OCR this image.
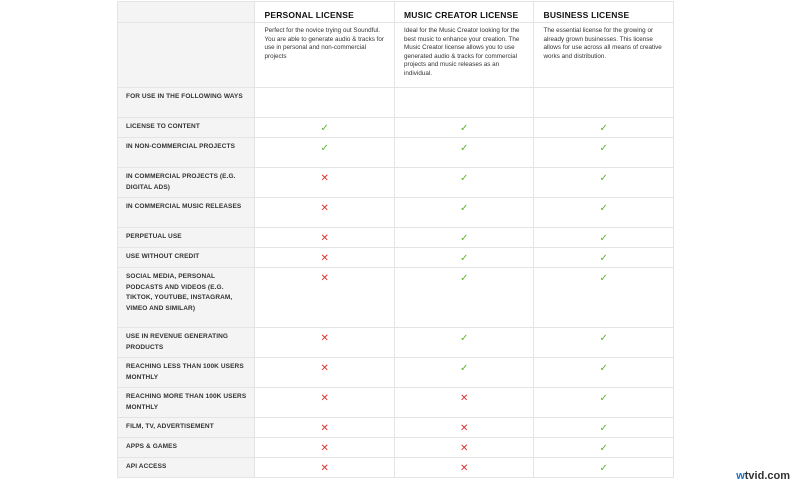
	PERSONAL LICENSE	MUSIC CREATOR LICENSE	BUSINESS LICENSE

	Perfect for the novice trying out Soundful. You are able to generate audio & tracks for use in personal and non-commercial projects	Ideal for the Music Creator looking for the best music to enhance your creation. The Music Creator license allows you to use generated audio & tracks for commercial projects and music releases as an individual.	The essential license for the growing or already grown businesses. This license allows for use across all means of creative works and distribution.

FOR USE IN THE FOLLOWING WAYS			

LICENSE TO CONTENT	✓	✓	✓

IN NON-COMMERCIAL PROJECTS	✓	✓	✓

IN COMMERCIAL PROJECTS (E.G. DIGITAL ADS)	✕	✓	✓

IN COMMERCIAL MUSIC RELEASES	✕	✓	✓

PERPETUAL USE	✕	✓	✓

USE WITHOUT CREDIT	✕	✓	✓

SOCIAL MEDIA, PERSONAL PODCASTS AND VIDEOS (E.G. TIKTOK, YOUTUBE, INSTAGRAM, VIMEO AND SIMILAR)	✕	✓	✓

USE IN REVENUE GENERATING PRODUCTS	✕	✓	✓

REACHING LESS THAN 100K USERS MONTHLY	✕	✓	✓

REACHING MORE THAN 100K USERS MONTHLY	✕	✕	✓

FILM, TV, ADVERTISEMENT	✕	✕	✓

APPS & GAMES	✕	✕	✓

API ACCESS	✕	✕	✓
wtvid.com
